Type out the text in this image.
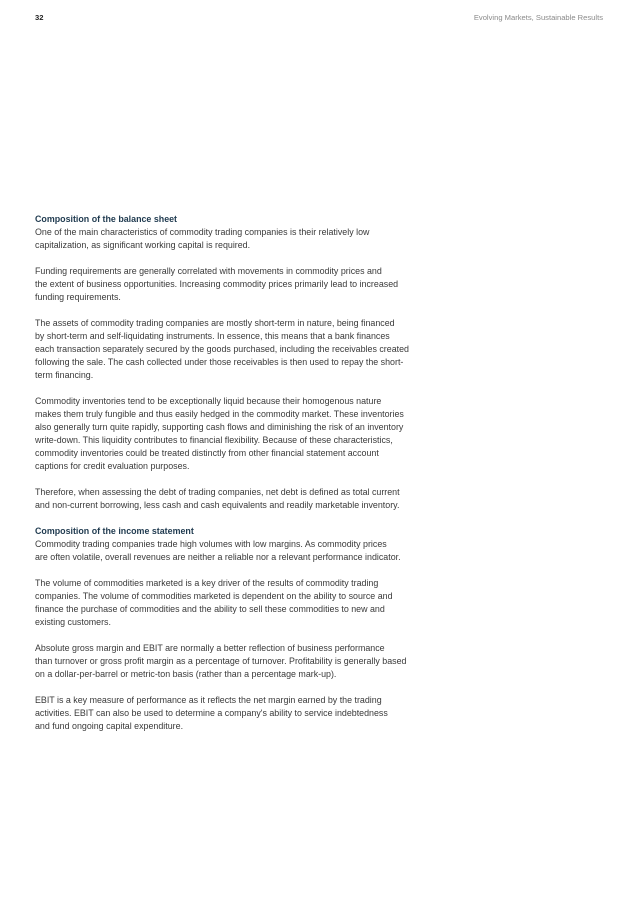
32	Evolving Markets, Sustainable Results
Composition of the balance sheet

One of the main characteristics of commodity trading companies is their relatively low
capitalization, as significant working capital is required.

Funding requirements are generally correlated with movements in commodity prices and
the extent of business opportunities. Increasing commodity prices primarily lead to increased
funding requirements.

The assets of commodity trading companies are mostly short-term in nature, being financed
by short-term and self-liquidating instruments. In essence, this means that a bank finances
each transaction separately secured by the goods purchased, including the receivables created
following the sale. The cash collected under those receivables is then used to repay the short-
term financing.

Commodity inventories tend to be exceptionally liquid because their homogenous nature
makes them truly fungible and thus easily hedged in the commodity market. These inventories
also generally turn quite rapidly, supporting cash flows and diminishing the risk of an inventory
write-down. This liquidity contributes to financial flexibility. Because of these characteristics,
commodity inventories could be treated distinctly from other financial statement account
captions for credit evaluation purposes.

Therefore, when assessing the debt of trading companies, net debt is defined as total current
and non-current borrowing, less cash and cash equivalents and readily marketable inventory.

Composition of the income statement

Commodity trading companies trade high volumes with low margins. As commodity prices
are often volatile, overall revenues are neither a reliable nor a relevant performance indicator.

The volume of commodities marketed is a key driver of the results of commodity trading
companies. The volume of commodities marketed is dependent on the ability to source and
finance the purchase of commodities and the ability to sell these commodities to new and
existing customers.

Absolute gross margin and EBIT are normally a better reflection of business performance
than turnover or gross profit margin as a percentage of turnover. Profitability is generally based
on a dollar-per-barrel or metric-ton basis (rather than a percentage mark-up).

EBIT is a key measure of performance as it reflects the net margin earned by the trading
activities. EBIT can also be used to determine a company's ability to service indebtedness
and fund ongoing capital expenditure.
